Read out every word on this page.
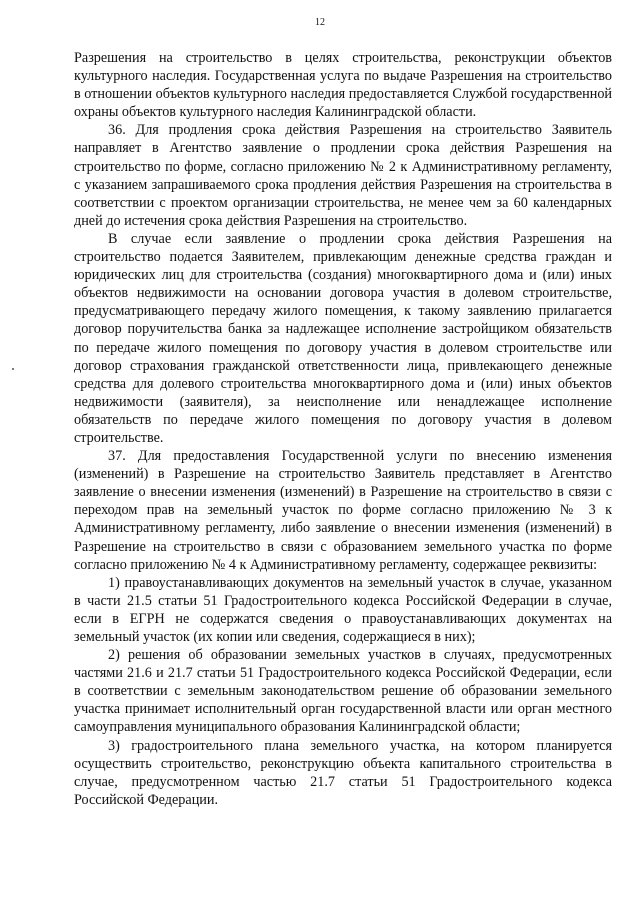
12

Разрешения на строительство в целях строительства, реконструкции объектов культурного наследия. Государственная услуга по выдаче Разрешения на строительство в отношении объектов культурного наследия предоставляется Службой государственной охраны объектов культурного наследия Калининградской области.

36. Для продления срока действия Разрешения на строительство Заявитель направляет в Агентство заявление о продлении срока действия Разрешения на строительство по форме, согласно приложению № 2 к Административному регламенту, с указанием запрашиваемого срока продления действия Разрешения на строительства в соответствии с проектом организации строительства, не менее чем за 60 календарных дней до истечения срока действия Разрешения на строительство.

В случае если заявление о продлении срока действия Разрешения на строительство подается Заявителем, привлекающим денежные средства граждан и юридических лиц для строительства (создания) многоквартирного дома и (или) иных объектов недвижимости на основании договора участия в долевом строительстве, предусматривающего передачу жилого помещения, к такому заявлению прилагается договор поручительства банка за надлежащее исполнение застройщиком обязательств по передаче жилого помещения по договору участия в долевом строительстве или договор страхования гражданской ответственности лица, привлекающего денежные средства для долевого строительства многоквартирного дома и (или) иных объектов недвижимости (заявителя), за неисполнение или ненадлежащее исполнение обязательств по передаче жилого помещения по договору участия в долевом строительстве.

37. Для предоставления Государственной услуги по внесению изменения (изменений) в Разрешение на строительство Заявитель представляет в Агентство заявление о внесении изменения (изменений) в Разрешение на строительство в связи с переходом прав на земельный участок по форме согласно приложению № 3 к Административному регламенту, либо заявление о внесении изменения (изменений) в Разрешение на строительство в связи с образованием земельного участка по форме согласно приложению № 4 к Административному регламенту, содержащее реквизиты:

1) правоустанавливающих документов на земельный участок в случае, указанном в части 21.5 статьи 51 Градостроительного кодекса Российской Федерации в случае, если в ЕГРН не содержатся сведения о правоустанавливающих документах на земельный участок (их копии или сведения, содержащиеся в них);

2) решения об образовании земельных участков в случаях, предусмотренных частями 21.6 и 21.7 статьи 51 Градостроительного кодекса Российской Федерации, если в соответствии с земельным законодательством решение об образовании земельного участка принимает исполнительный орган государственной власти или орган местного самоуправления муниципального образования Калининградской области;

3) градостроительного плана земельного участка, на котором планируется осуществить строительство, реконструкцию объекта капитального строительства в случае, предусмотренном частью 21.7 статьи 51 Градостроительного кодекса Российской Федерации.
